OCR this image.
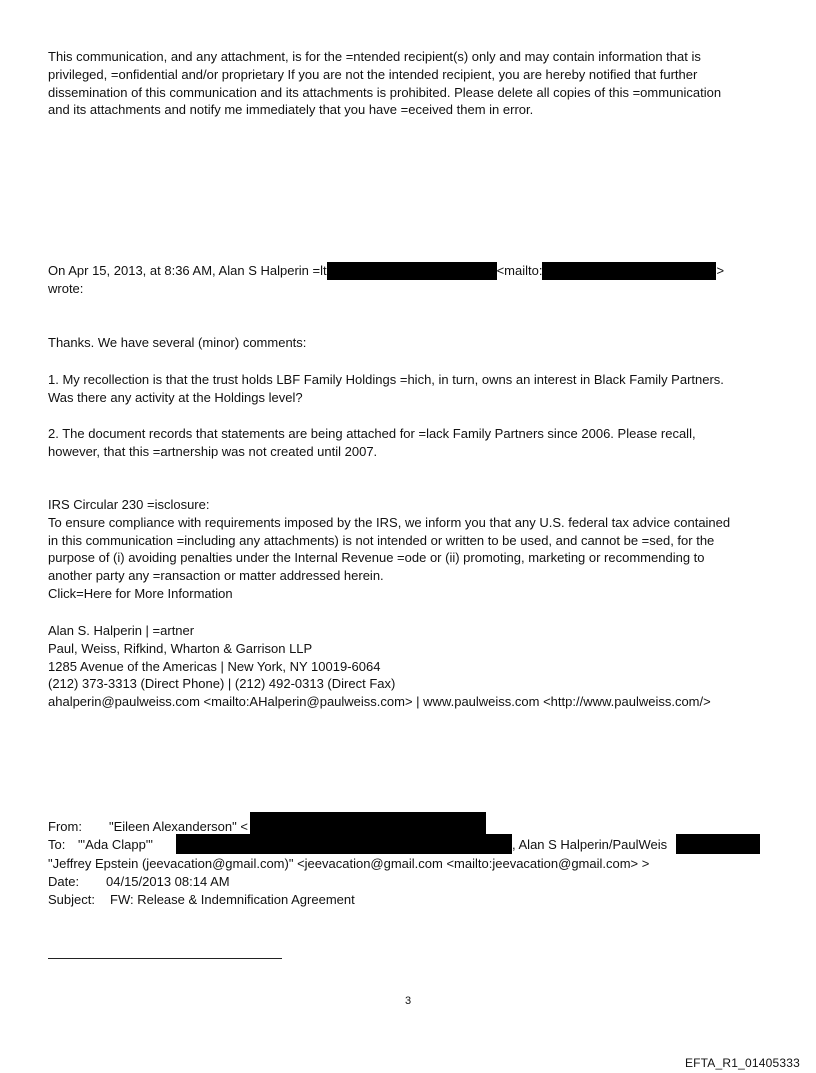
This communication, and any attachment, is for the =ntended recipient(s) only and may contain information that is
privileged, =onfidential and/or proprietary If you are not the intended recipient, you are hereby notified that further
dissemination of this communication and its attachments is prohibited. Please delete all copies of this =ommunication
and its attachments and notify me immediately that you have =eceived them in error.
On Apr 15, 2013, at 8:36 AM, Alan S Halperin =lt	<mailto:	>
wrote:
Thanks. We have several (minor) comments:
1. My recollection is that the trust holds LBF Family Holdings =hich, in turn, owns an interest in Black Family Partners.
Was there any activity at the Holdings level?
2. The document records that statements are being attached for =lack Family Partners since 2006. Please recall,
however, that this =artnership was not created until 2007.
IRS Circular 230 =isclosure:
To ensure compliance with requirements imposed by the IRS, we inform you that any U.S. federal tax advice contained
in this communication =including any attachments) is not intended or written to be used, and cannot be =sed, for the
purpose of (i) avoiding penalties under the Internal Revenue =ode or (ii) promoting, marketing or recommending to
another party any =ransaction or matter addressed herein.
Click=Here for More Information
Alan S. Halperin | =artner
Paul, Weiss, Rifkind, Wharton & Garrison LLP
1285 Avenue of the Americas | New York, NY 10019-6064
(212) 373-3313 (Direct Phone) | (212) 492-0313 (Direct Fax)
ahalperin@paulweiss.com <mailto:AHalperin@paulweiss.com> | www.paulweiss.com <http://www.paulweiss.com/>
From: "Eileen Alexanderson" <
To: "'Ada Clapp'"	, Alan S Halperin/PaulWeis
"Jeffrey Epstein (jeevacation@gmail.com)" <jeevacation@gmail.com <mailto:jeevacation@gmail.com> >
Date: 04/15/2013 08:14 AM
Subject: FW: Release & Indemnification Agreement
3
EFTA_R1_01405333
